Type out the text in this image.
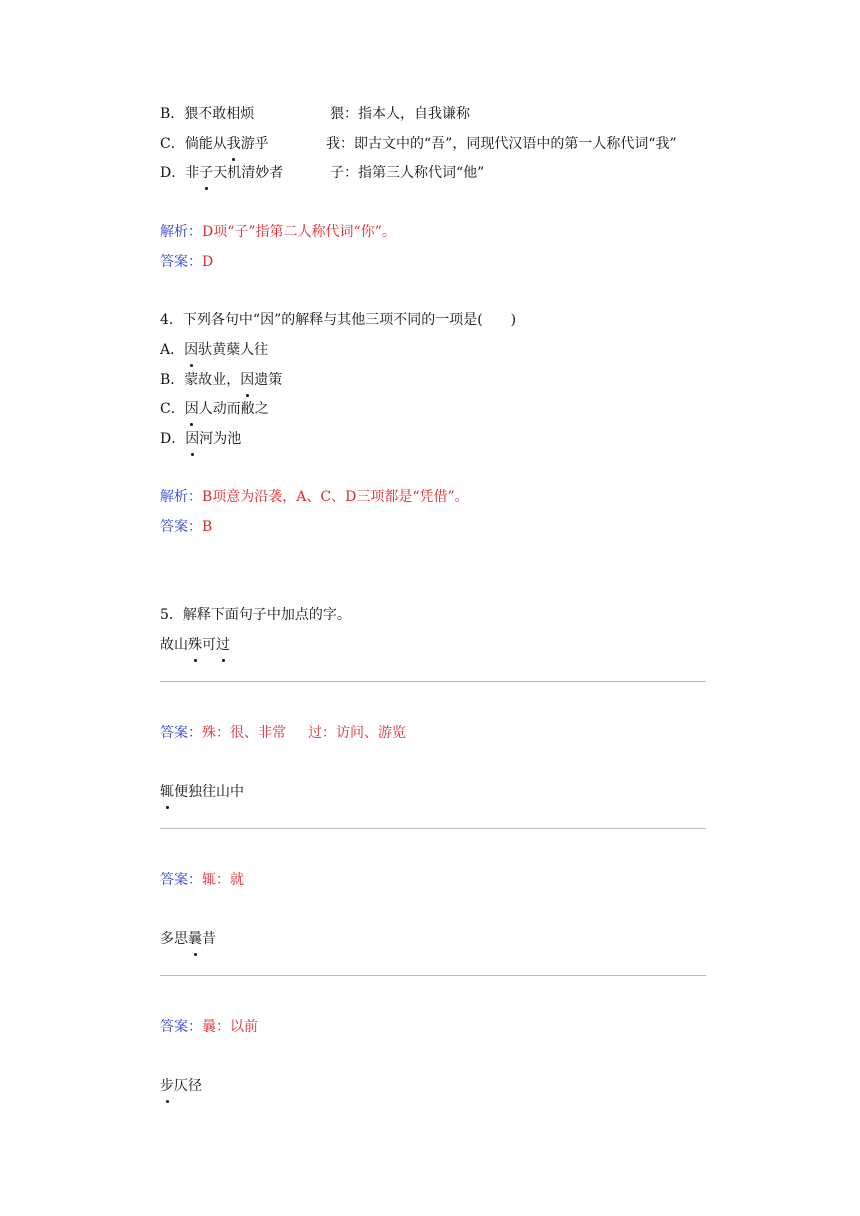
B．猥不敢相烦	猥：指本人，自我谦称
C．倘能从我游乎	我：即古文中的“吾”，同现代汉语中的第一人称代词“我”
D．非子天机清妙者	子：指第三人称代词“他”
解析：D项“子”指第二人称代词“你”。
答案：D
4．下列各句中“因”的解释与其他三项不同的一项是(　　)
A．因驮黄蘖人往
B．蒙故业，因遗策
C．因人动而敝之
D．因河为池
解析：B项意为沿袭，A、C、D三项都是“凭借”。
答案：B
5．解释下面句子中加点的字。
故山殊可过
答案：殊：很、非常 过：访问、游览
辄便独往山中
答案：辄：就
多思曩昔
答案：曩：以前
步仄径
